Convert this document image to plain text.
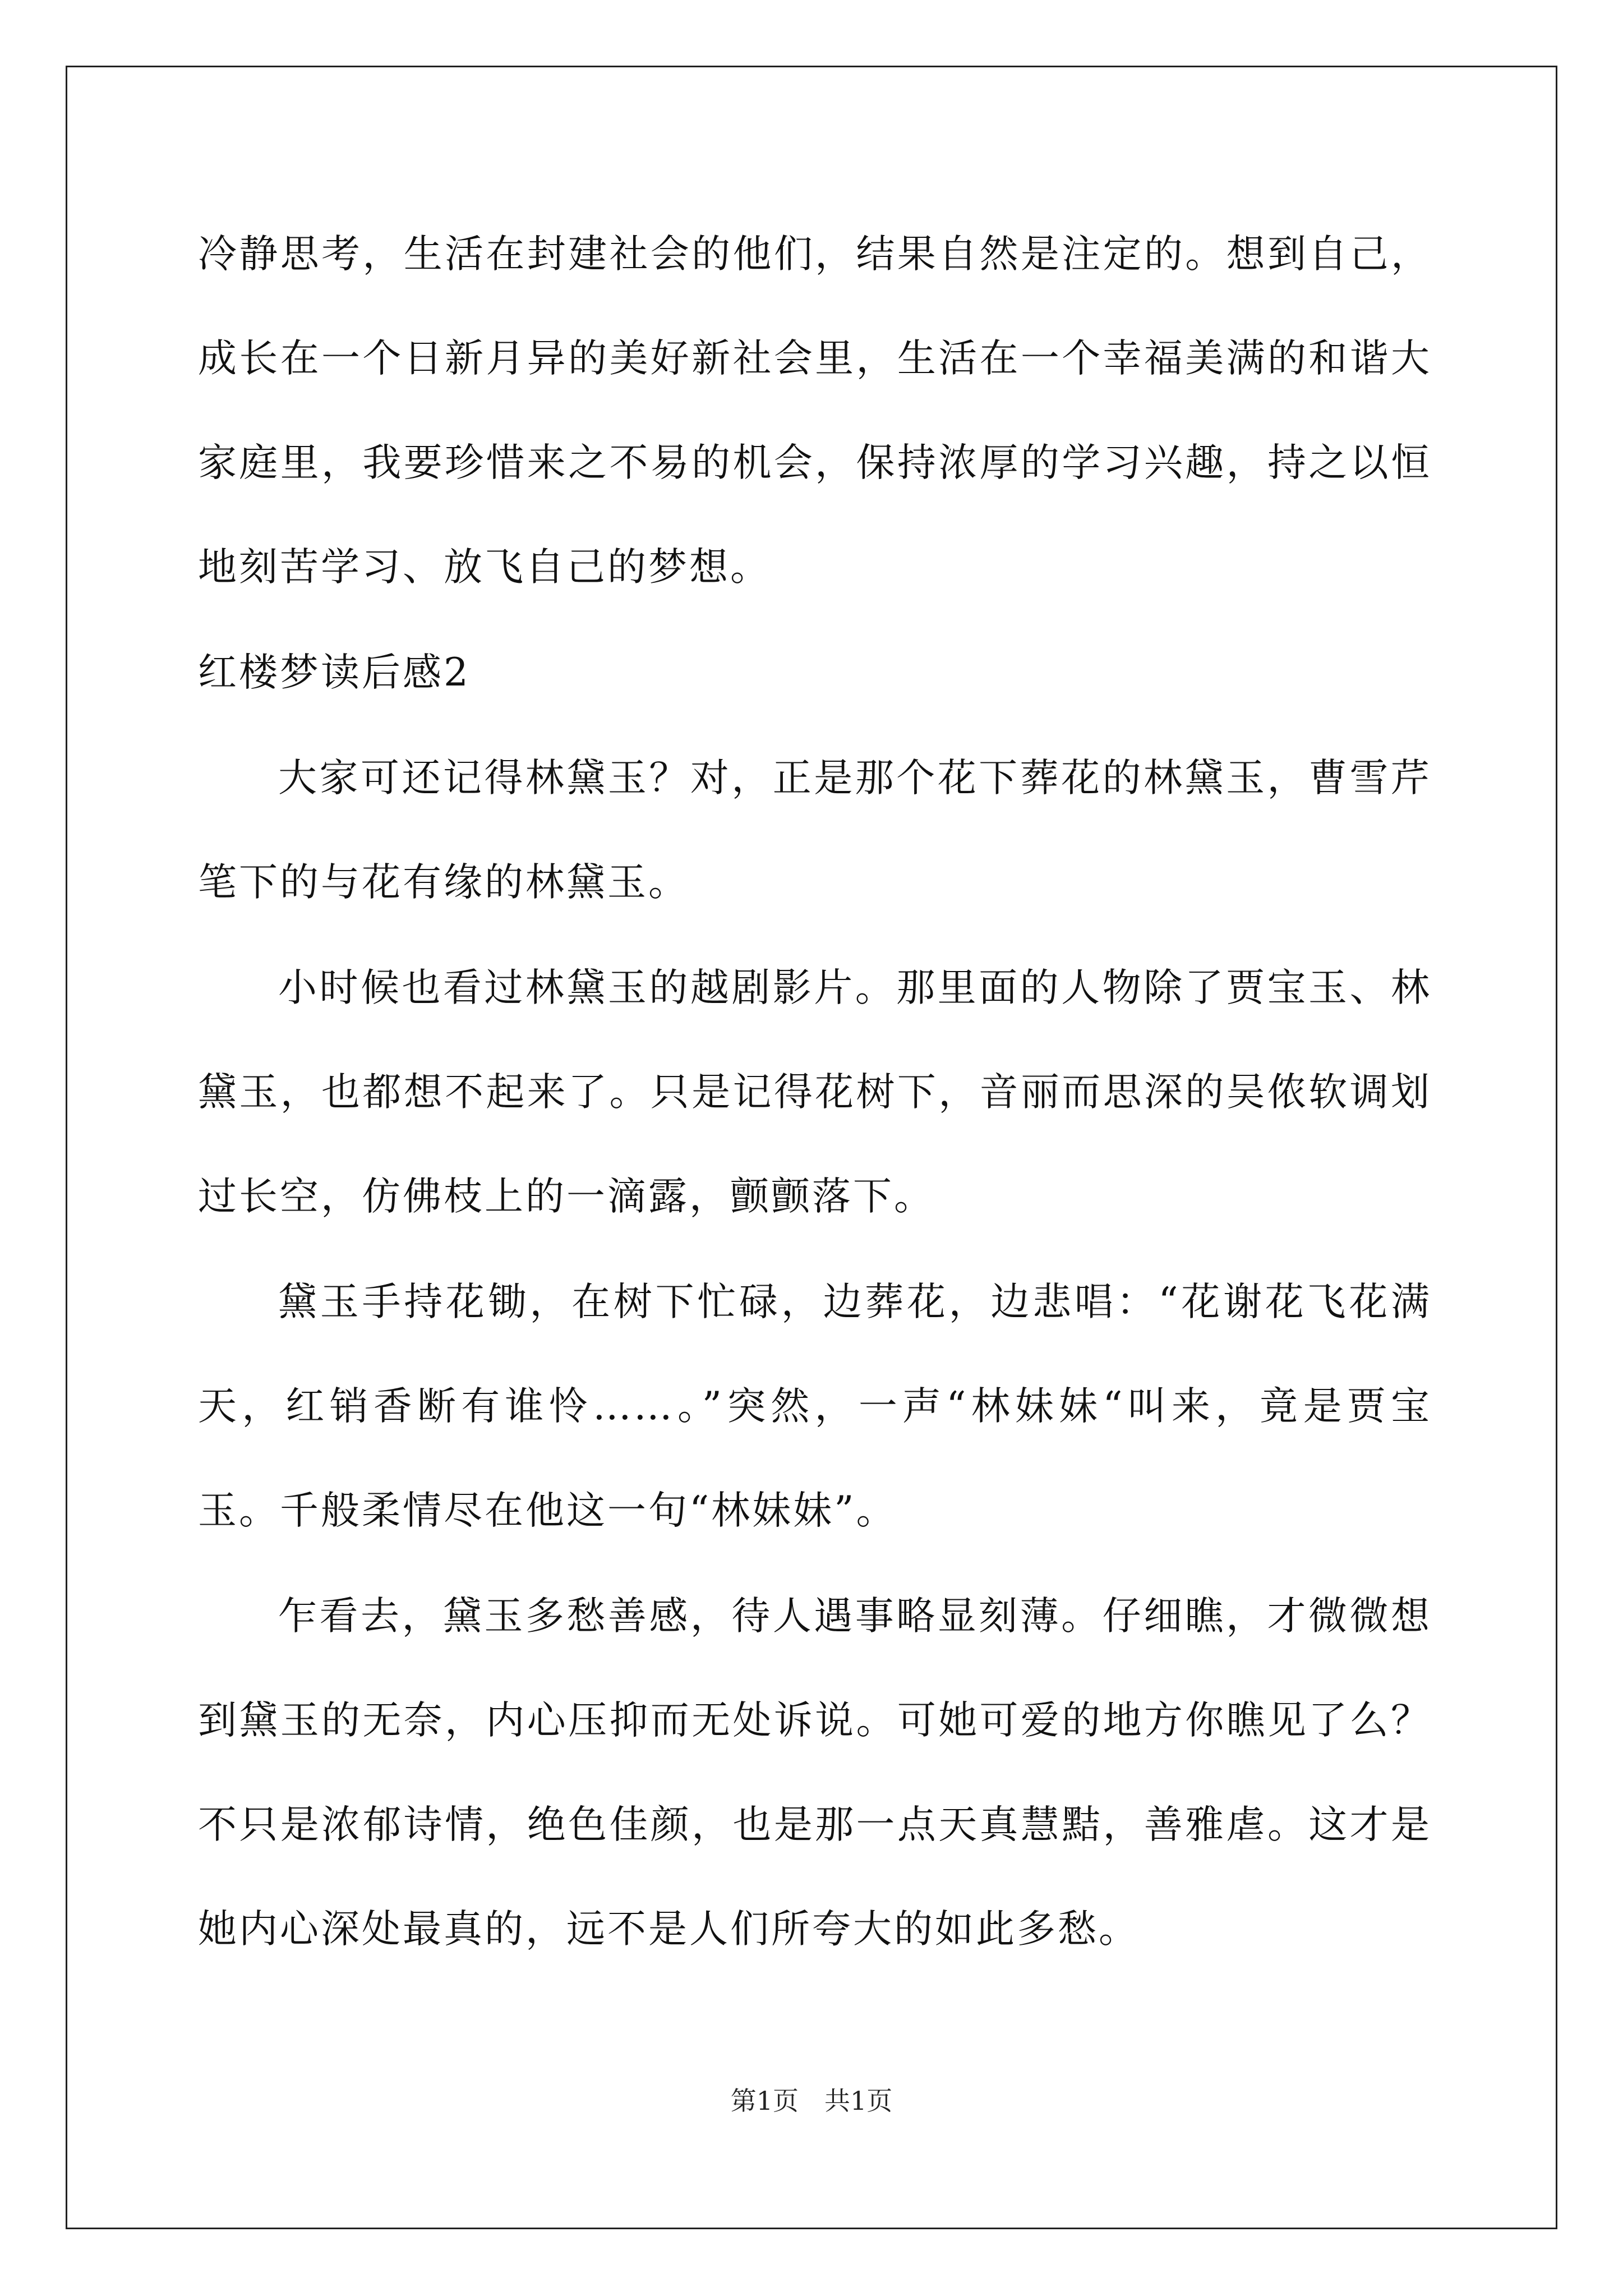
冷静思考，生活在封建社会的他们，结果自然是注定的。想到自己，成长在一个日新月异的美好新社会里，生活在一个幸福美满的和谐大家庭里，我要珍惜来之不易的机会，保持浓厚的学习兴趣，持之以恒地刻苦学习、放飞自己的梦想。

红楼梦读后感2

大家可还记得林黛玉？对，正是那个花下葬花的林黛玉，曹雪芹笔下的与花有缘的林黛玉。

小时候也看过林黛玉的越剧影片。那里面的人物除了贾宝玉、林黛玉，也都想不起来了。只是记得花树下，音丽而思深的吴侬软调划过长空，仿佛枝上的一滴露，颤颤落下。

黛玉手持花锄，在树下忙碌，边葬花，边悲唱：“花谢花飞花满天，红销香断有谁怜……。”突然，一声“林妹妹“叫来，竟是贾宝玉。千般柔情尽在他这一句“林妹妹”。

乍看去，黛玉多愁善感，待人遇事略显刻薄。仔细瞧，才微微想到黛玉的无奈，内心压抑而无处诉说。可她可爱的地方你瞧见了么？不只是浓郁诗情，绝色佳颜，也是那一点天真慧黠，善雅虐。这才是她内心深处最真的，远不是人们所夸大的如此多愁。

第1页　共1页
